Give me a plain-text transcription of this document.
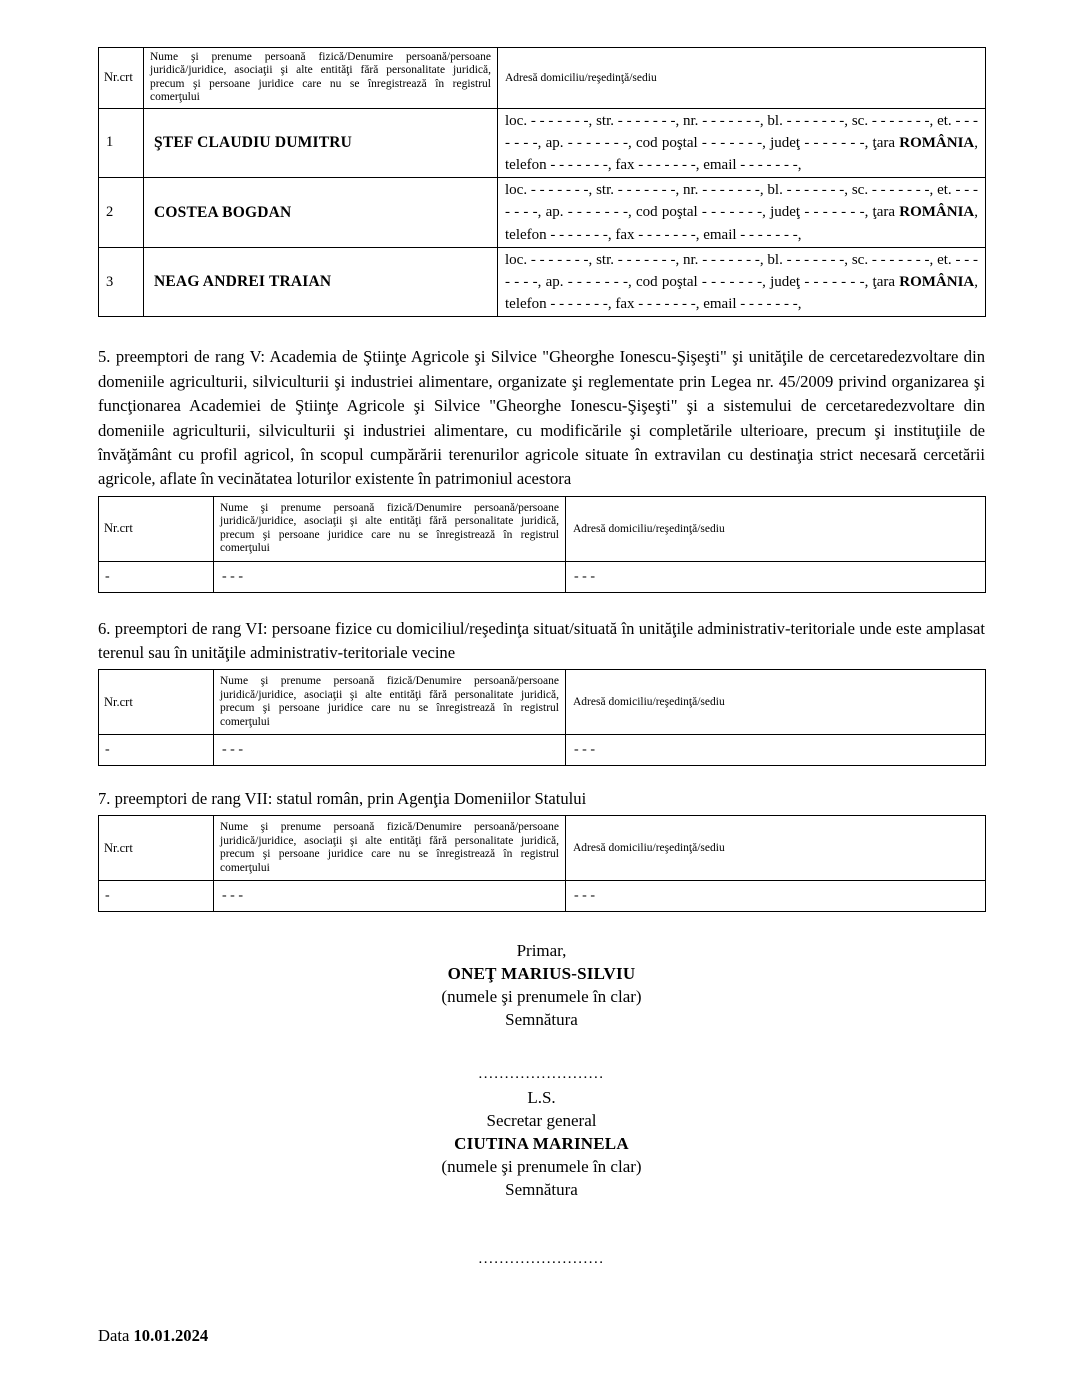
Nr.crt	Nume şi prenume persoană fizică/Denumire persoană/persoane juridică/juridice, asociaţii şi alte entităţi fără personalitate juridică, precum şi persoane juridice care nu se înregistrează în registrul comerţului	Adresă domiciliu/reşedinţă/sediu
1	ŞTEF CLAUDIU DUMITRU	loc. - - - - - - -, str. - - - - - - -, nr. - - - - - - -, bl. - - - - - - -, sc. - - - - - - -, et. - - - - - - -, ap. - - - - - - -, cod poştal - - - - - - -, judeţ - - - - - - -, ţara ROMÂNIA, telefon - - - - - - -, fax - - - - - - -, email - - - - - - -,
2	COSTEA BOGDAN	loc. - - - - - - -, str. - - - - - - -, nr. - - - - - - -, bl. - - - - - - -, sc. - - - - - - -, et. - - - - - - -, ap. - - - - - - -, cod poştal - - - - - - -, judeţ - - - - - - -, ţara ROMÂNIA, telefon - - - - - - -, fax - - - - - - -, email - - - - - - -,
3	NEAG ANDREI TRAIAN	loc. - - - - - - -, str. - - - - - - -, nr. - - - - - - -, bl. - - - - - - -, sc. - - - - - - -, et. - - - - - - -, ap. - - - - - - -, cod poştal - - - - - - -, judeţ - - - - - - -, ţara ROMÂNIA, telefon - - - - - - -, fax - - - - - - -, email - - - - - - -,

5. preemptori de rang V: Academia de Ştiinţe Agricole şi Silvice "Gheorghe Ionescu-Şişeşti" şi unităţile de cercetaredezvoltare din domeniile agriculturii, silviculturii şi industriei alimentare, organizate şi reglementate prin Legea nr. 45/2009 privind organizarea şi funcţionarea Academiei de Ştiinţe Agricole şi Silvice "Gheorghe Ionescu-Şişeşti" şi a sistemului de cercetaredezvoltare din domeniile agriculturii, silviculturii şi industriei alimentare, cu modificările şi completările ulterioare, precum şi instituţiile de învăţământ cu profil agricol, în scopul cumpărării terenurilor agricole situate în extravilan cu destinaţia strict necesară cercetării agricole, aflate în vecinătatea loturilor existente în patrimoniul acestora

Nr.crt	Nume şi prenume persoană fizică/Denumire persoană/persoane juridică/juridice, asociaţii şi alte entităţi fără personalitate juridică, precum şi persoane juridice care nu se înregistrează în registrul comerţului	Adresă domiciliu/reşedinţă/sediu
-	- - -	- - -

6. preemptori de rang VI: persoane fizice cu domiciliul/reşedinţa situat/situată în unităţile administrativ-teritoriale unde este amplasat terenul sau în unităţile administrativ-teritoriale vecine

Nr.crt	Nume şi prenume persoană fizică/Denumire persoană/persoane juridică/juridice, asociaţii şi alte entităţi fără personalitate juridică, precum şi persoane juridice care nu se înregistrează în registrul comerţului	Adresă domiciliu/reşedinţă/sediu
-	- - -	- - -

7. preemptori de rang VII: statul român, prin Agenţia Domeniilor Statului

Nr.crt	Nume şi prenume persoană fizică/Denumire persoană/persoane juridică/juridice, asociaţii şi alte entităţi fără personalitate juridică, precum şi persoane juridice care nu se înregistrează în registrul comerţului	Adresă domiciliu/reşedinţă/sediu
-	- - -	- - -
Primar,
ONEŢ MARIUS-SILVIU
(numele şi prenumele în clar)
Semnătura
........................
L.S.
Secretar general
CIUTINA MARINELA
(numele şi prenumele în clar)
Semnătura
........................
Data 10.01.2024
